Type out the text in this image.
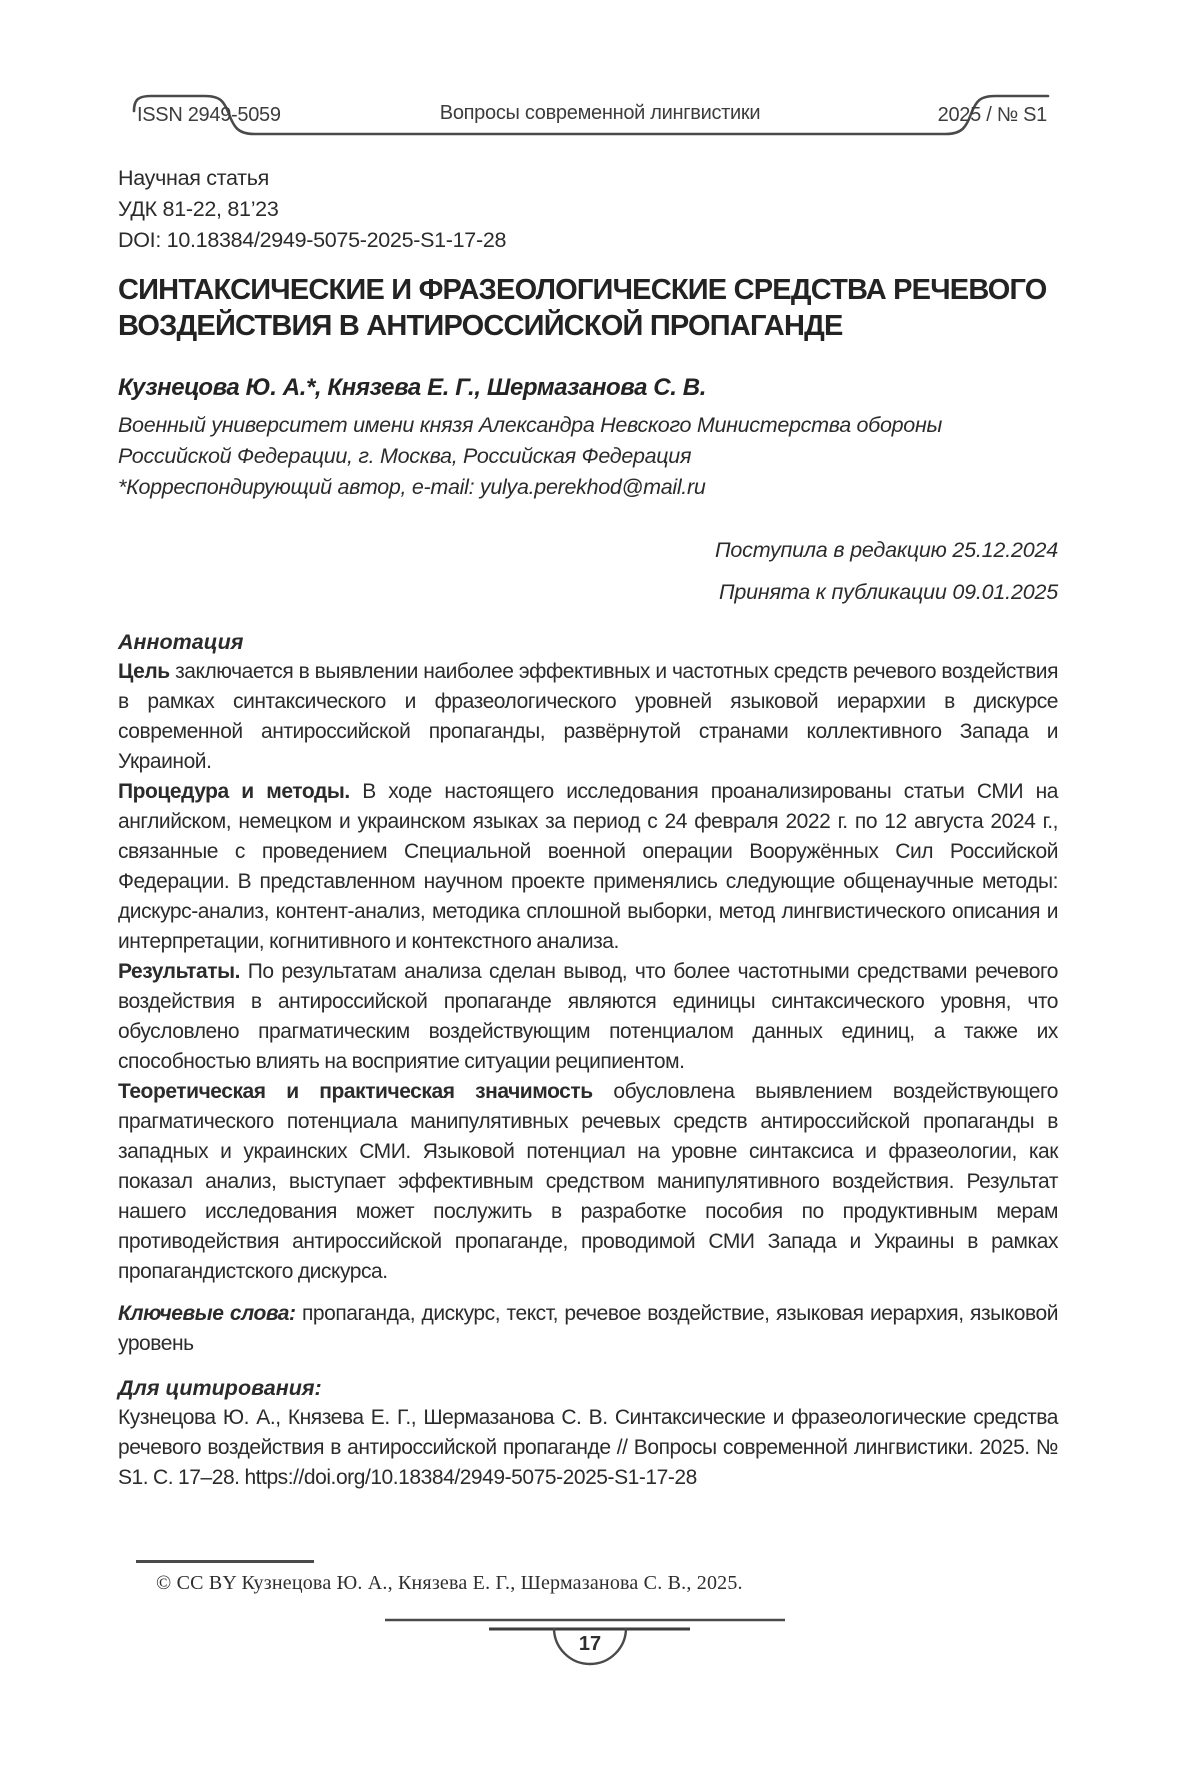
ISSN 2949-5059	Вопросы современной лингвистики	2025 / № S1

Научная статья

УДК 81-22, 81’23

DOI: 10.18384/2949-5075-2025-S1-17-28

СИНТАКСИЧЕСКИЕ И ФРАЗЕОЛОГИЧЕСКИЕ СРЕДСТВА РЕЧЕВОГО
ВОЗДЕЙСТВИЯ В АНТИРОССИЙСКОЙ ПРОПАГАНДЕ
Кузнецова Ю. А.*, Князева Е. Г., Шермазанова С. В.
Военный университет имени князя Александра Невского Министерства обороны Российской Федерации, г. Москва, Российская Федерация
*Корреспондирующий автор, e-mail: yulya.perekhod@mail.ru
Поступила в редакцию 25.12.2024
Принята к публикации 09.01.2025
Аннотация

Цель заключается в выявлении наиболее эффективных и частотных средств речевого воздействия в рамках синтаксического и фразеологического уровней языковой иерархии в дискурсе современной антироссийской пропаганды, развёрнутой странами коллективного Запада и Украиной.

Процедура и методы. В ходе настоящего исследования проанализированы статьи СМИ на английском, немецком и украинском языках за период с 24 февраля 2022 г. по 12 августа 2024 г., связанные с проведением Специальной военной операции Вооружённых Сил Российской Федерации. В представленном научном проекте применялись следующие общенаучные методы: дискурс-анализ, контент-анализ, методика сплошной выборки, метод лингвистического описания и интерпретации, когнитивного и контекстного анализа.

Результаты. По результатам анализа сделан вывод, что более частотными средствами речевого воздействия в антироссийской пропаганде являются единицы синтаксического уровня, что обусловлено прагматическим воздействующим потенциалом данных единиц, а также их способностью влиять на восприятие ситуации реципиентом.

Теоретическая и практическая значимость обусловлена выявлением воздействующего прагматического потенциала манипулятивных речевых средств антироссийской пропаганды в западных и украинских СМИ. Языковой потенциал на уровне синтаксиса и фразеологии, как показал анализ, выступает эффективным средством манипулятивного воздействия. Результат нашего исследования может послужить в разработке пособия по продуктивным мерам противодействия антироссийской пропаганде, проводимой СМИ Запада и Украины в рамках пропагандистского дискурса.

Ключевые слова: пропаганда, дискурс, текст, речевое воздействие, языковая иерархия, языковой уровень

Для цитирования:

Кузнецова Ю. А., Князева Е. Г., Шермазанова С. В. Синтаксические и фразеологические средства речевого воздействия в антироссийской пропаганде // Вопросы современной лингвистики. 2025. № S1. С. 17–28. https://doi.org/10.18384/2949-5075-2025-S1-17-28

© CC BY Кузнецова Ю. А., Князева Е. Г., Шермазанова С. В., 2025.
17
